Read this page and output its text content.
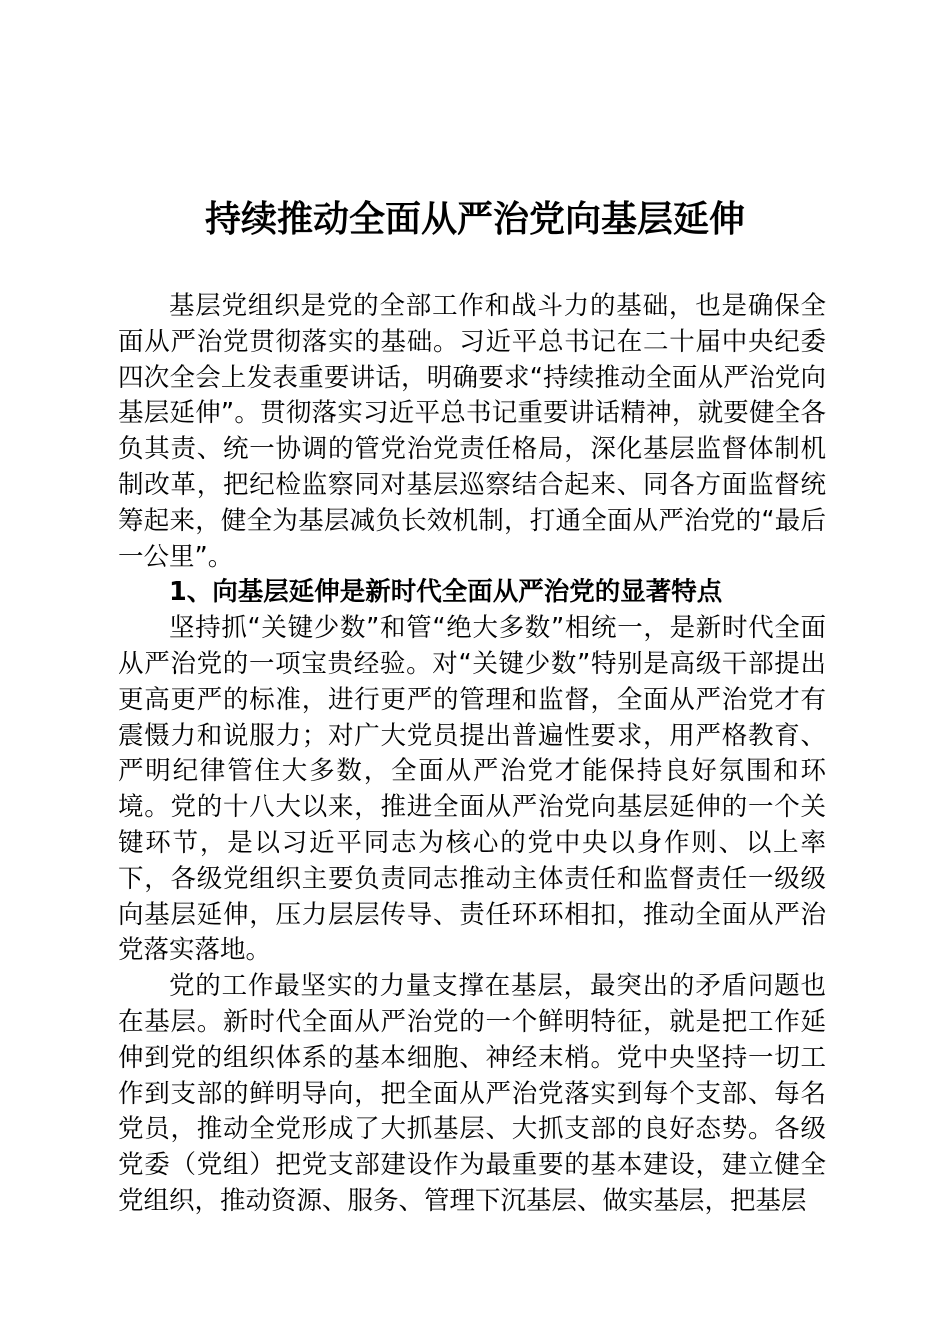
持续推动全面从严治党向基层延伸

基层党组织是党的全部工作和战斗力的基础，也是确保全面从严治党贯彻落实的基础。习近平总书记在二十届中央纪委四次全会上发表重要讲话，明确要求“持续推动全面从严治党向基层延伸”。贯彻落实习近平总书记重要讲话精神，就要健全各负其责、统一协调的管党治党责任格局，深化基层监督体制机制改革，把纪检监察同对基层巡察结合起来、同各方面监督统筹起来，健全为基层减负长效机制，打通全面从严治党的“最后一公里”。

1、向基层延伸是新时代全面从严治党的显著特点

坚持抓“关键少数”和管“绝大多数”相统一，是新时代全面从严治党的一项宝贵经验。对“关键少数”特别是高级干部提出更高更严的标准，进行更严的管理和监督，全面从严治党才有震慑力和说服力；对广大党员提出普遍性要求，用严格教育、严明纪律管住大多数，全面从严治党才能保持良好氛围和环境。党的十八大以来，推进全面从严治党向基层延伸的一个关键环节，是以习近平同志为核心的党中央以身作则、以上率下，各级党组织主要负责同志推动主体责任和监督责任一级级向基层延伸，压力层层传导、责任环环相扣，推动全面从严治党落实落地。

党的工作最坚实的力量支撑在基层，最突出的矛盾问题也在基层。新时代全面从严治党的一个鲜明特征，就是把工作延伸到党的组织体系的基本细胞、神经末梢。党中央坚持一切工作到支部的鲜明导向，把全面从严治党落实到每个支部、每名党员，推动全党形成了大抓基层、大抓支部的良好态势。各级党委（党组）把党支部建设作为最重要的基本建设，建立健全党组织，推动资源、服务、管理下沉基层、做实基层，把基层
